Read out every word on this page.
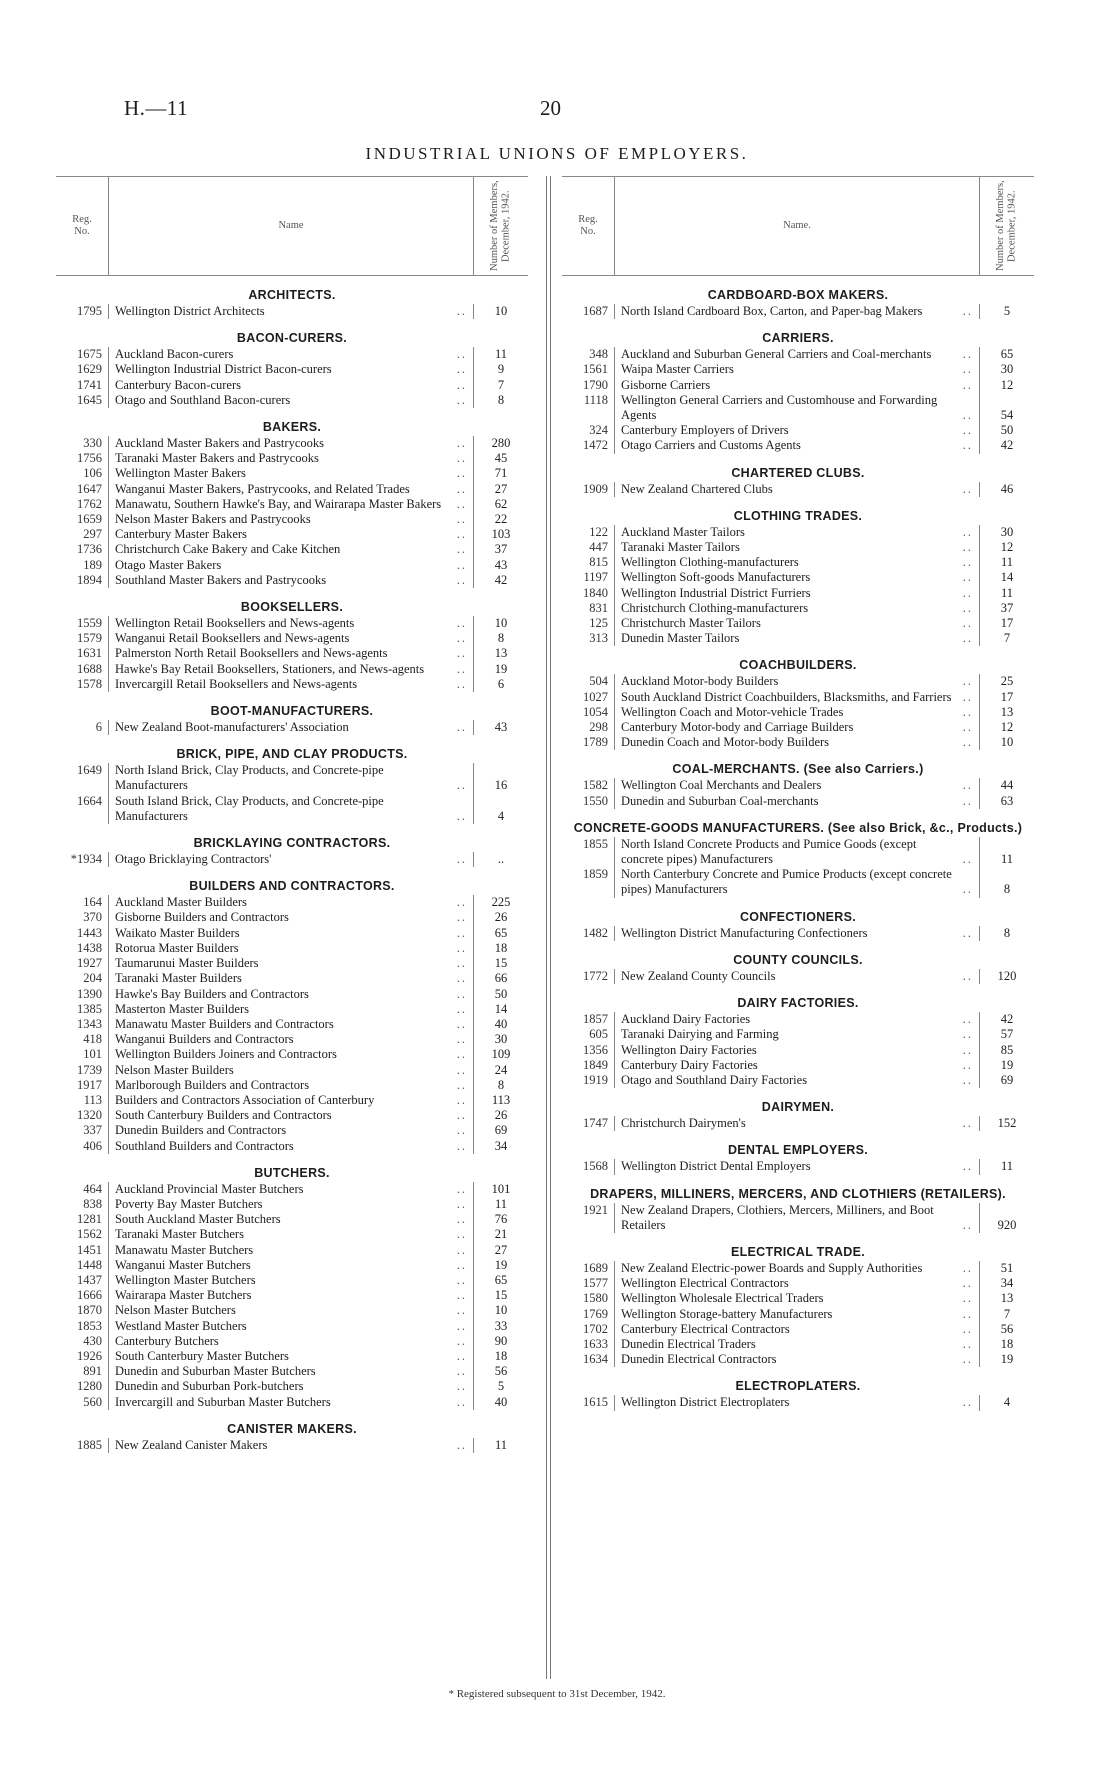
H.—11	20
INDUSTRIAL UNIONS OF EMPLOYERS.
Reg.
No.
Name	Number of Members, December, 1942.
ARCHITECTS.
1795	Wellington District Architects	..	10
BACON-CURERS.
1675	Auckland Bacon-curers	..	11
1629	Wellington Industrial District Bacon-curers	..	9
1741	Canterbury Bacon-curers	..	7
1645	Otago and Southland Bacon-curers	..	8
BAKERS.
330	Auckland Master Bakers and Pastrycooks	..	280
1756	Taranaki Master Bakers and Pastrycooks	..	45
106	Wellington Master Bakers	..	71
1647	Wanganui Master Bakers, Pastrycooks, and Related Trades	..	27
1762	Manawatu, Southern Hawke's Bay, and Wairarapa Master Bakers	..	62
1659	Nelson Master Bakers and Pastrycooks	..	22
297	Canterbury Master Bakers	..	103
1736	Christchurch Cake Bakery and Cake Kitchen	..	37
189	Otago Master Bakers	..	43
1894	Southland Master Bakers and Pastrycooks	..	42
BOOKSELLERS.
1559	Wellington Retail Booksellers and News-agents	..	10
1579	Wanganui Retail Booksellers and News-agents	..	8
1631	Palmerston North Retail Booksellers and News-agents	..	13
1688	Hawke's Bay Retail Booksellers, Stationers, and News-agents	..	19
1578	Invercargill Retail Booksellers and News-agents	..	6
BOOT-MANUFACTURERS.
6	New Zealand Boot-manufacturers' Association	..	43
BRICK, PIPE, AND CLAY PRODUCTS.
1649	North Island Brick, Clay Products, and Concrete-pipe Manufacturers	..	16
1664	South Island Brick, Clay Products, and Concrete-pipe Manufacturers	..	4
BRICKLAYING CONTRACTORS.
*1934	Otago Bricklaying Contractors'	..	..
BUILDERS AND CONTRACTORS.
164	Auckland Master Builders	..	225
370	Gisborne Builders and Contractors	..	26
1443	Waikato Master Builders	..	65
1438	Rotorua Master Builders	..	18
1927	Taumarunui Master Builders	..	15
204	Taranaki Master Builders	..	66
1390	Hawke's Bay Builders and Contractors	..	50
1385	Masterton Master Builders	..	14
1343	Manawatu Master Builders and Contractors	..	40
418	Wanganui Builders and Contractors	..	30
101	Wellington Builders Joiners and Contractors	..	109
1739	Nelson Master Builders	..	24
1917	Marlborough Builders and Contractors	..	8
113	Builders and Contractors Association of Canterbury	..	113
1320	South Canterbury Builders and Contractors	..	26
337	Dunedin Builders and Contractors	..	69
406	Southland Builders and Contractors	..	34
BUTCHERS.
464	Auckland Provincial Master Butchers	..	101
838	Poverty Bay Master Butchers	..	11
1281	South Auckland Master Butchers	..	76
1562	Taranaki Master Butchers	..	21
1451	Manawatu Master Butchers	..	27
1448	Wanganui Master Butchers	..	19
1437	Wellington Master Butchers	..	65
1666	Wairarapa Master Butchers	..	15
1870	Nelson Master Butchers	..	10
1853	Westland Master Butchers	..	33
430	Canterbury Butchers	..	90
1926	South Canterbury Master Butchers	..	18
891	Dunedin and Suburban Master Butchers	..	56
1280	Dunedin and Suburban Pork-butchers	..	5
560	Invercargill and Suburban Master Butchers	..	40
CANISTER MAKERS.
1885	New Zealand Canister Makers	..	11
Reg.
No.
Name.	Number of Members, December, 1942.
CARDBOARD-BOX MAKERS.
1687	North Island Cardboard Box, Carton, and Paper-bag Makers	..	5
CARRIERS.
348	Auckland and Suburban General Carriers and Coal-merchants	..	65
1561	Waipa Master Carriers	..	30
1790	Gisborne Carriers	..	12
1118	Wellington General Carriers and Customhouse and Forwarding Agents	..	54
324	Canterbury Employers of Drivers	..	50
1472	Otago Carriers and Customs Agents	..	42
CHARTERED CLUBS.
1909	New Zealand Chartered Clubs	..	46
CLOTHING TRADES.
122	Auckland Master Tailors	..	30
447	Taranaki Master Tailors	..	12
815	Wellington Clothing-manufacturers	..	11
1197	Wellington Soft-goods Manufacturers	..	14
1840	Wellington Industrial District Furriers	..	11
831	Christchurch Clothing-manufacturers	..	37
125	Christchurch Master Tailors	..	17
313	Dunedin Master Tailors	..	7
COACHBUILDERS.
504	Auckland Motor-body Builders	..	25
1027	South Auckland District Coachbuilders, Blacksmiths, and Farriers ..	17
1054	Wellington Coach and Motor-vehicle Trades	..	13
298	Canterbury Motor-body and Carriage Builders	..	12
1789	Dunedin Coach and Motor-body Builders	..	10
COAL-MERCHANTS. (See also Carriers.)
1582	Wellington Coal Merchants and Dealers	..	44
1550	Dunedin and Suburban Coal-merchants	..	63
CONCRETE-GOODS MANUFACTURERS. (See also Brick, &c., Products.)
1855	North Island Concrete Products and Pumice Goods (except concrete pipes) Manufacturers	..	11
1859	North Canterbury Concrete and Pumice Products (except concrete pipes) Manufacturers	..	8
CONFECTIONERS.
1482	Wellington District Manufacturing Confectioners	..	8
COUNTY COUNCILS.
1772	New Zealand County Councils	..	120
DAIRY FACTORIES.
1857	Auckland Dairy Factories	..	42
605	Taranaki Dairying and Farming	..	57
1356	Wellington Dairy Factories	..	85
1849	Canterbury Dairy Factories	..	19
1919	Otago and Southland Dairy Factories	..	69
DAIRYMEN.
1747	Christchurch Dairymen's	..	152
DENTAL EMPLOYERS.
1568	Wellington District Dental Employers	..	11
DRAPERS, MILLINERS, MERCERS, AND CLOTHIERS (RETAILERS).
1921	New Zealand Drapers, Clothiers, Mercers, Milliners, and Boot Retailers	..	920
ELECTRICAL TRADE.
1689	New Zealand Electric-power Boards and Supply Authorities	..	51
1577	Wellington Electrical Contractors	..	34
1580	Wellington Wholesale Electrical Traders	..	13
1769	Wellington Storage-battery Manufacturers	..	7
1702	Canterbury Electrical Contractors	..	56
1633	Dunedin Electrical Traders	..	18
1634	Dunedin Electrical Contractors	..	19
ELECTROPLATERS.
1615	Wellington District Electroplaters	..	4
* Registered subsequent to 31st December, 1942.
